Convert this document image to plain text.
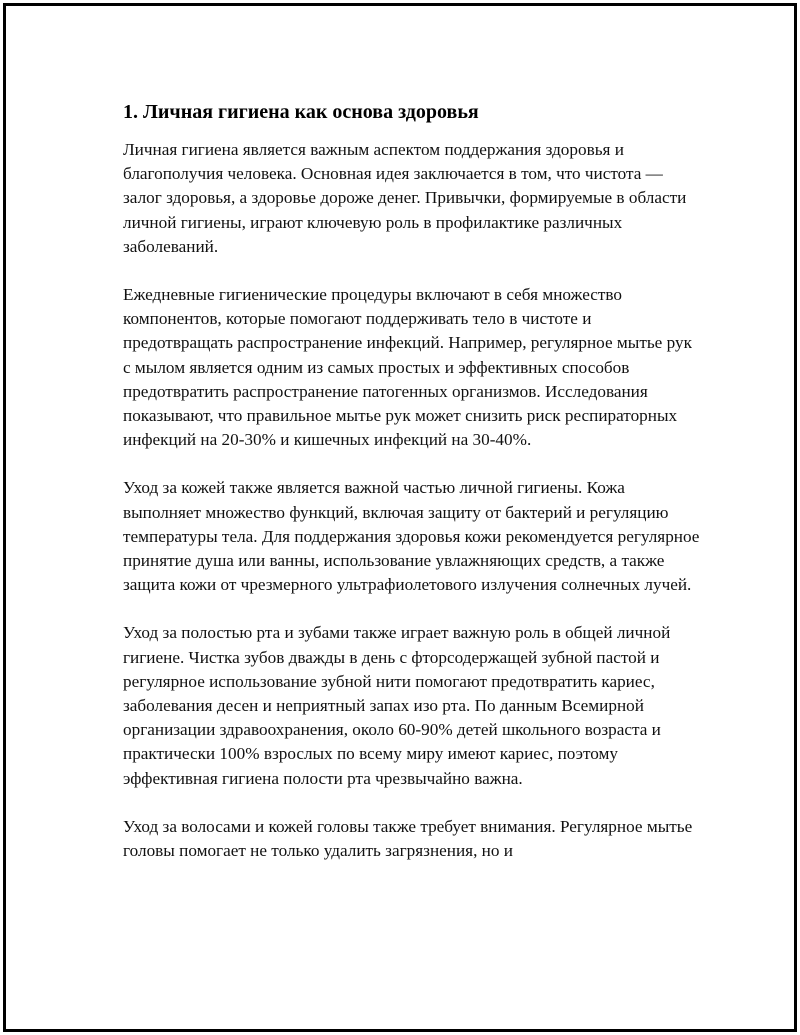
1. Личная гигиена как основа здоровья

Личная гигиена является важным аспектом поддержания здоровья и благополучия человека. Основная идея заключается в том, что чистота — залог здоровья, а здоровье дороже денег. Привычки, формируемые в области личной гигиены, играют ключевую роль в профилактике различных заболеваний.

Ежедневные гигиенические процедуры включают в себя множество компонентов, которые помогают поддерживать тело в чистоте и предотвращать распространение инфекций. Например, регулярное мытье рук с мылом является одним из самых простых и эффективных способов предотвратить распространение патогенных организмов. Исследования показывают, что правильное мытье рук может снизить риск респираторных инфекций на 20-30% и кишечных инфекций на 30-40%.

Уход за кожей также является важной частью личной гигиены. Кожа выполняет множество функций, включая защиту от бактерий и регуляцию температуры тела. Для поддержания здоровья кожи рекомендуется регулярное принятие душа или ванны, использование увлажняющих средств, а также защита кожи от чрезмерного ультрафиолетового излучения солнечных лучей.

Уход за полостью рта и зубами также играет важную роль в общей личной гигиене. Чистка зубов дважды в день с фторсодержащей зубной пастой и регулярное использование зубной нити помогают предотвратить кариес, заболевания десен и неприятный запах изо рта. По данным Всемирной организации здравоохранения, около 60-90% детей школьного возраста и практически 100% взрослых по всему миру имеют кариес, поэтому эффективная гигиена полости рта чрезвычайно важна.

Уход за волосами и кожей головы также требует внимания. Регулярное мытье головы помогает не только удалить загрязнения, но и
